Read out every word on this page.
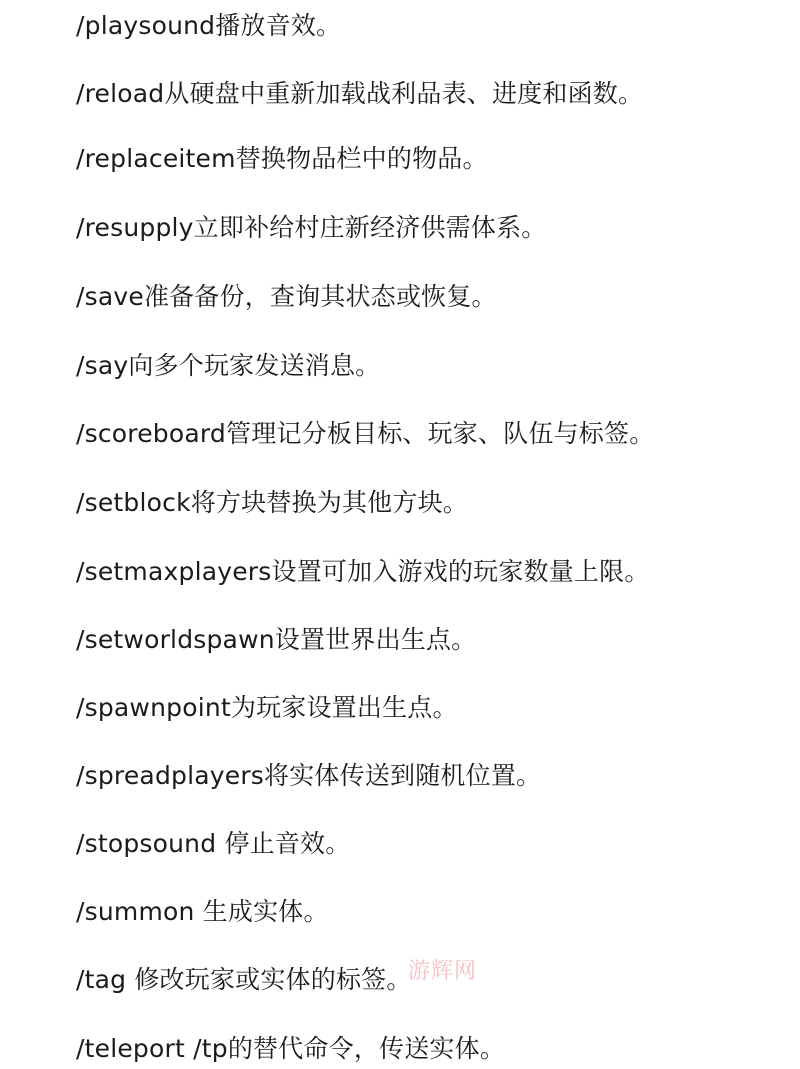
/playsound播放音效。

/reload从硬盘中重新加载战利品表、进度和函数。

/replaceitem替换物品栏中的物品。

/resupply立即补给村庄新经济供需体系。

/save准备备份，查询其状态或恢复。

/say向多个玩家发送消息。

/scoreboard管理记分板目标、玩家、队伍与标签。

/setblock将方块替换为其他方块。

/setmaxplayers设置可加入游戏的玩家数量上限。

/setworldspawn设置世界出生点。

/spawnpoint为玩家设置出生点。

/spreadplayers将实体传送到随机位置。

/stopsound 停止音效。

/summon 生成实体。

/tag 修改玩家或实体的标签。

/teleport /tp的替代命令，传送实体。

游辉网
